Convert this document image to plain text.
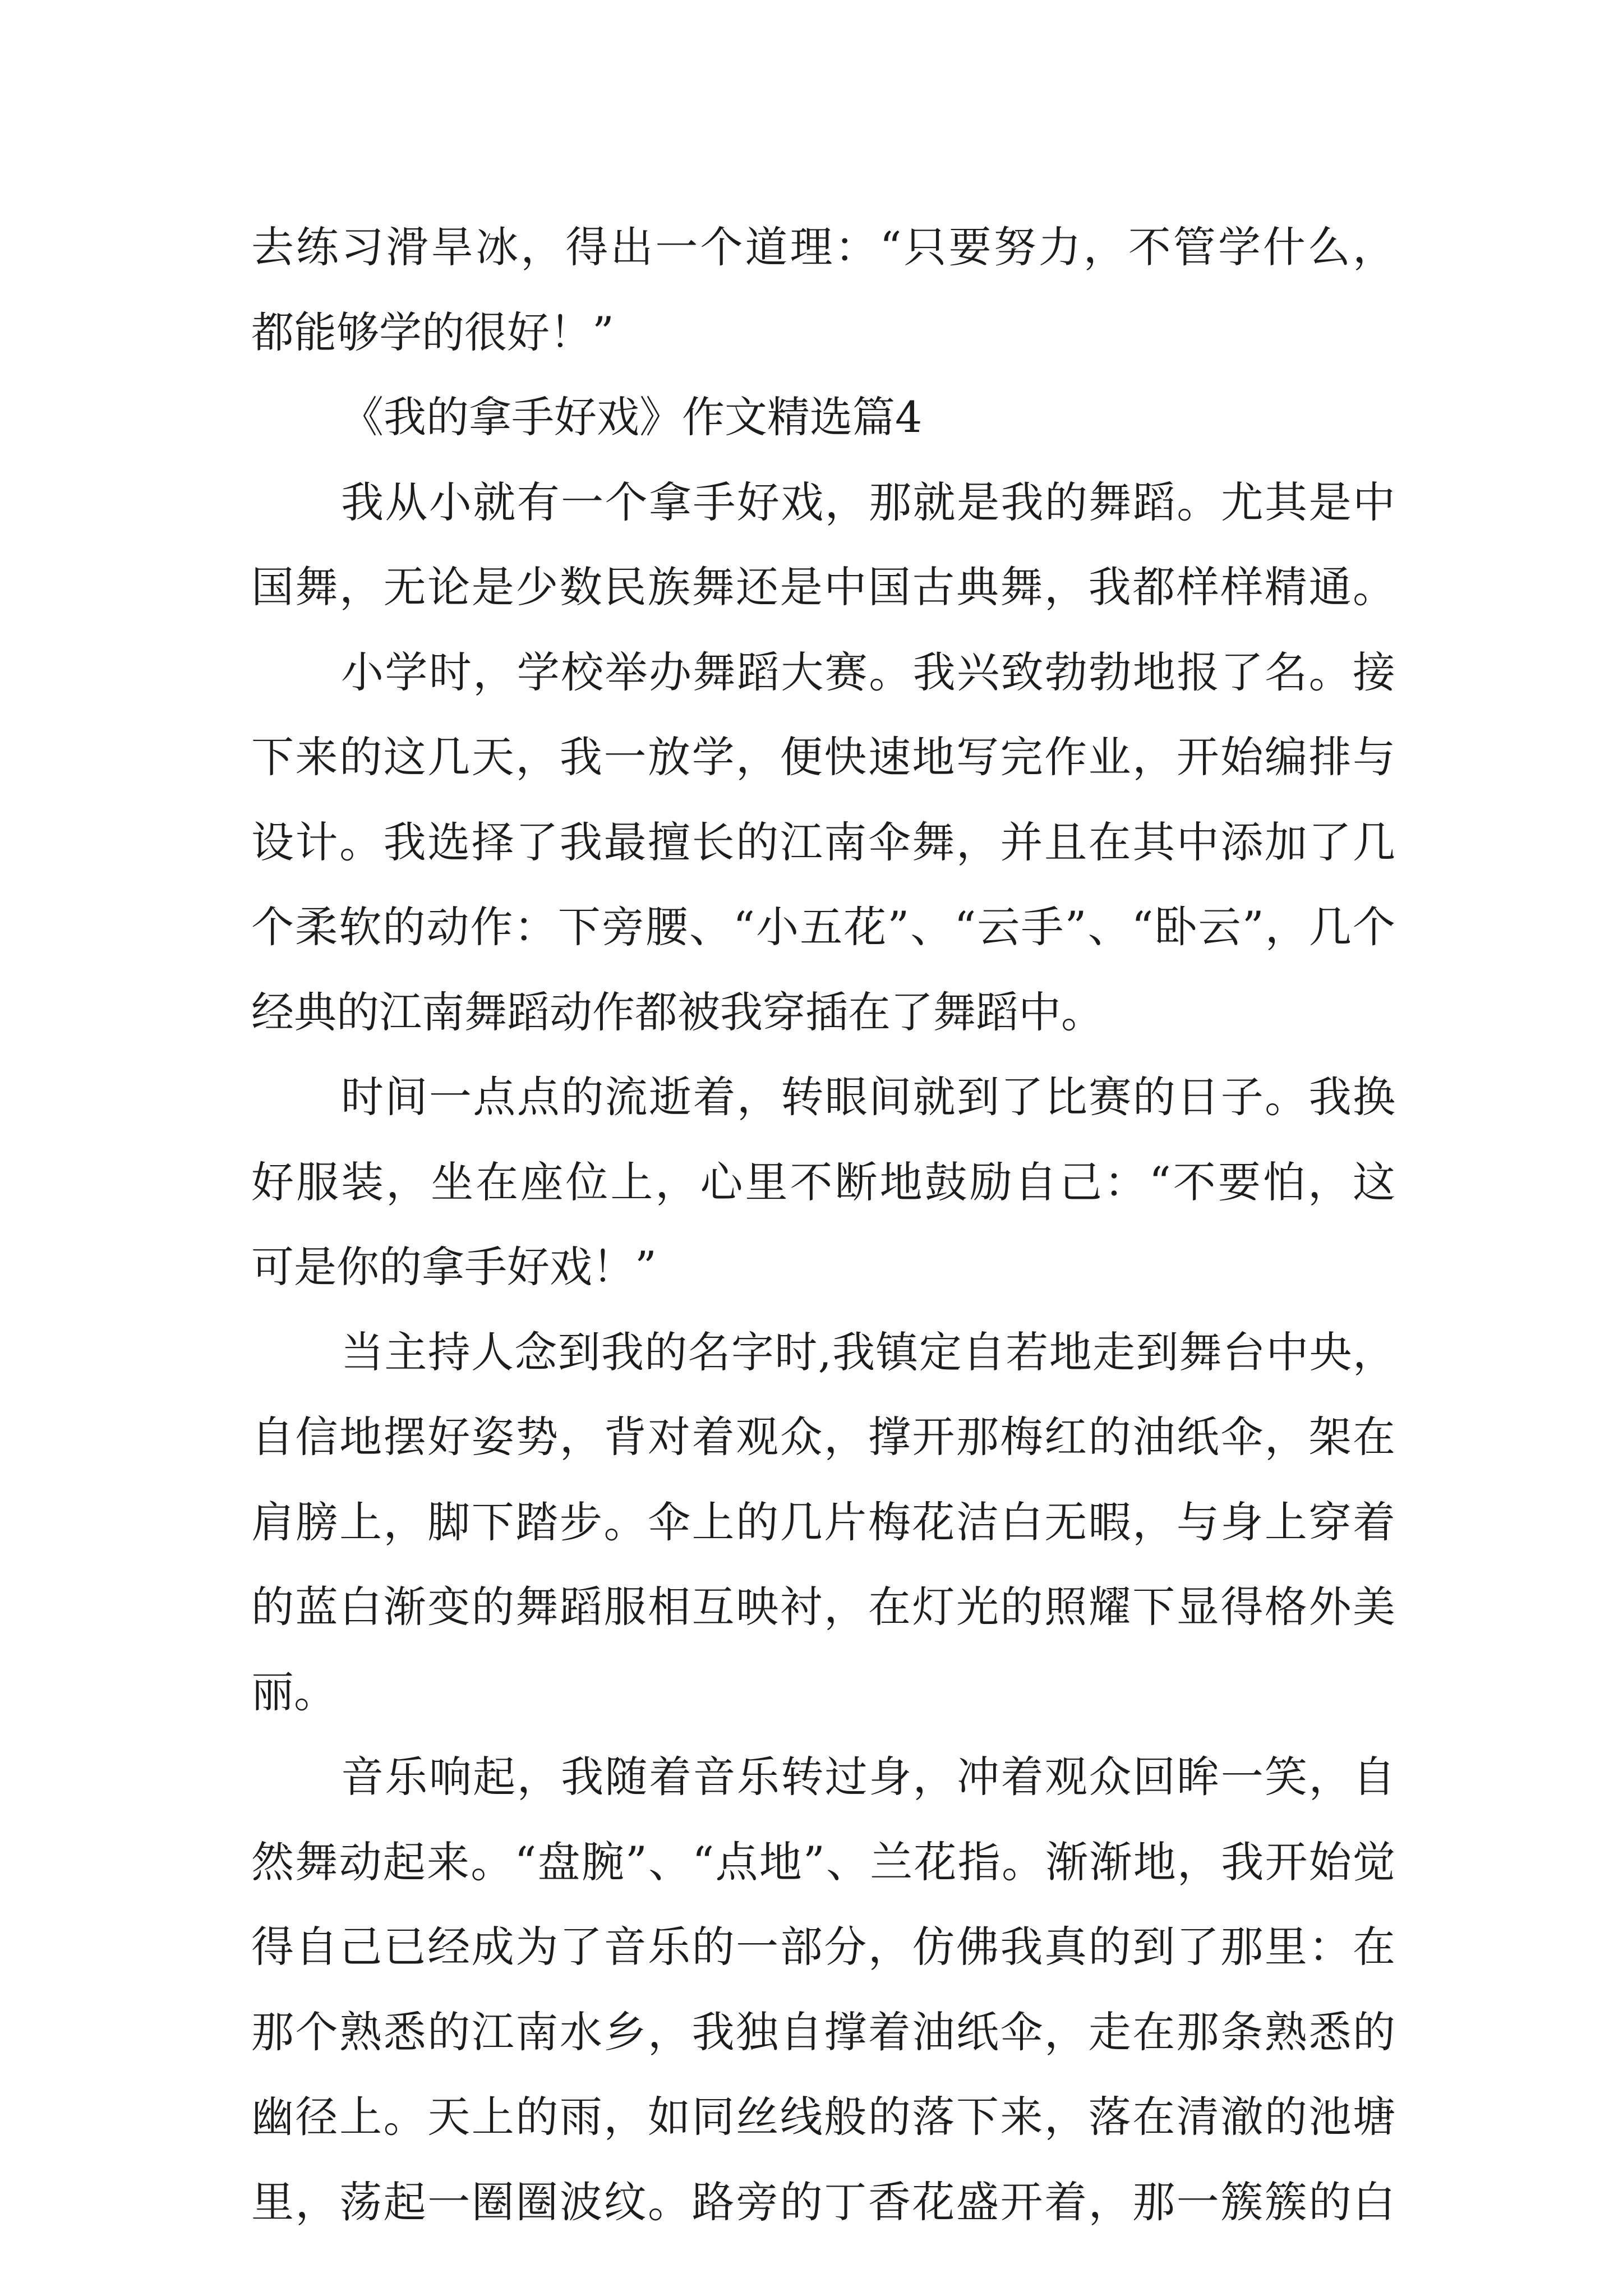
去练习滑旱冰，得出一个道理：“只要努力，不管学什么，
都能够学的很好！”
《我的拿手好戏》作文精选篇4
我从小就有一个拿手好戏，那就是我的舞蹈。尤其是中
国舞，无论是少数民族舞还是中国古典舞，我都样样精通。
小学时，学校举办舞蹈大赛。我兴致勃勃地报了名。接
下来的这几天，我一放学，便快速地写完作业，开始编排与
设计。我选择了我最擅长的江南伞舞，并且在其中添加了几
个柔软的动作：下旁腰、“小五花”、“云手”、“卧云”，几个
经典的江南舞蹈动作都被我穿插在了舞蹈中。
时间一点点的流逝着，转眼间就到了比赛的日子。我换
好服装，坐在座位上，心里不断地鼓励自己：“不要怕，这
可是你的拿手好戏！”
当主持人念到我的名字时,我镇定自若地走到舞台中央，
自信地摆好姿势，背对着观众，撑开那梅红的油纸伞，架在
肩膀上，脚下踏步。伞上的几片梅花洁白无暇，与身上穿着
的蓝白渐变的舞蹈服相互映衬，在灯光的照耀下显得格外美
丽。
音乐响起，我随着音乐转过身，冲着观众回眸一笑，自
然舞动起来。“盘腕”、“点地”、兰花指。渐渐地，我开始觉
得自己已经成为了音乐的一部分，仿佛我真的到了那里：在
那个熟悉的江南水乡，我独自撑着油纸伞，走在那条熟悉的
幽径上。天上的雨，如同丝线般的落下来，落在清澈的池塘
里，荡起一圈圈波纹。路旁的丁香花盛开着，那一簇簇的白
